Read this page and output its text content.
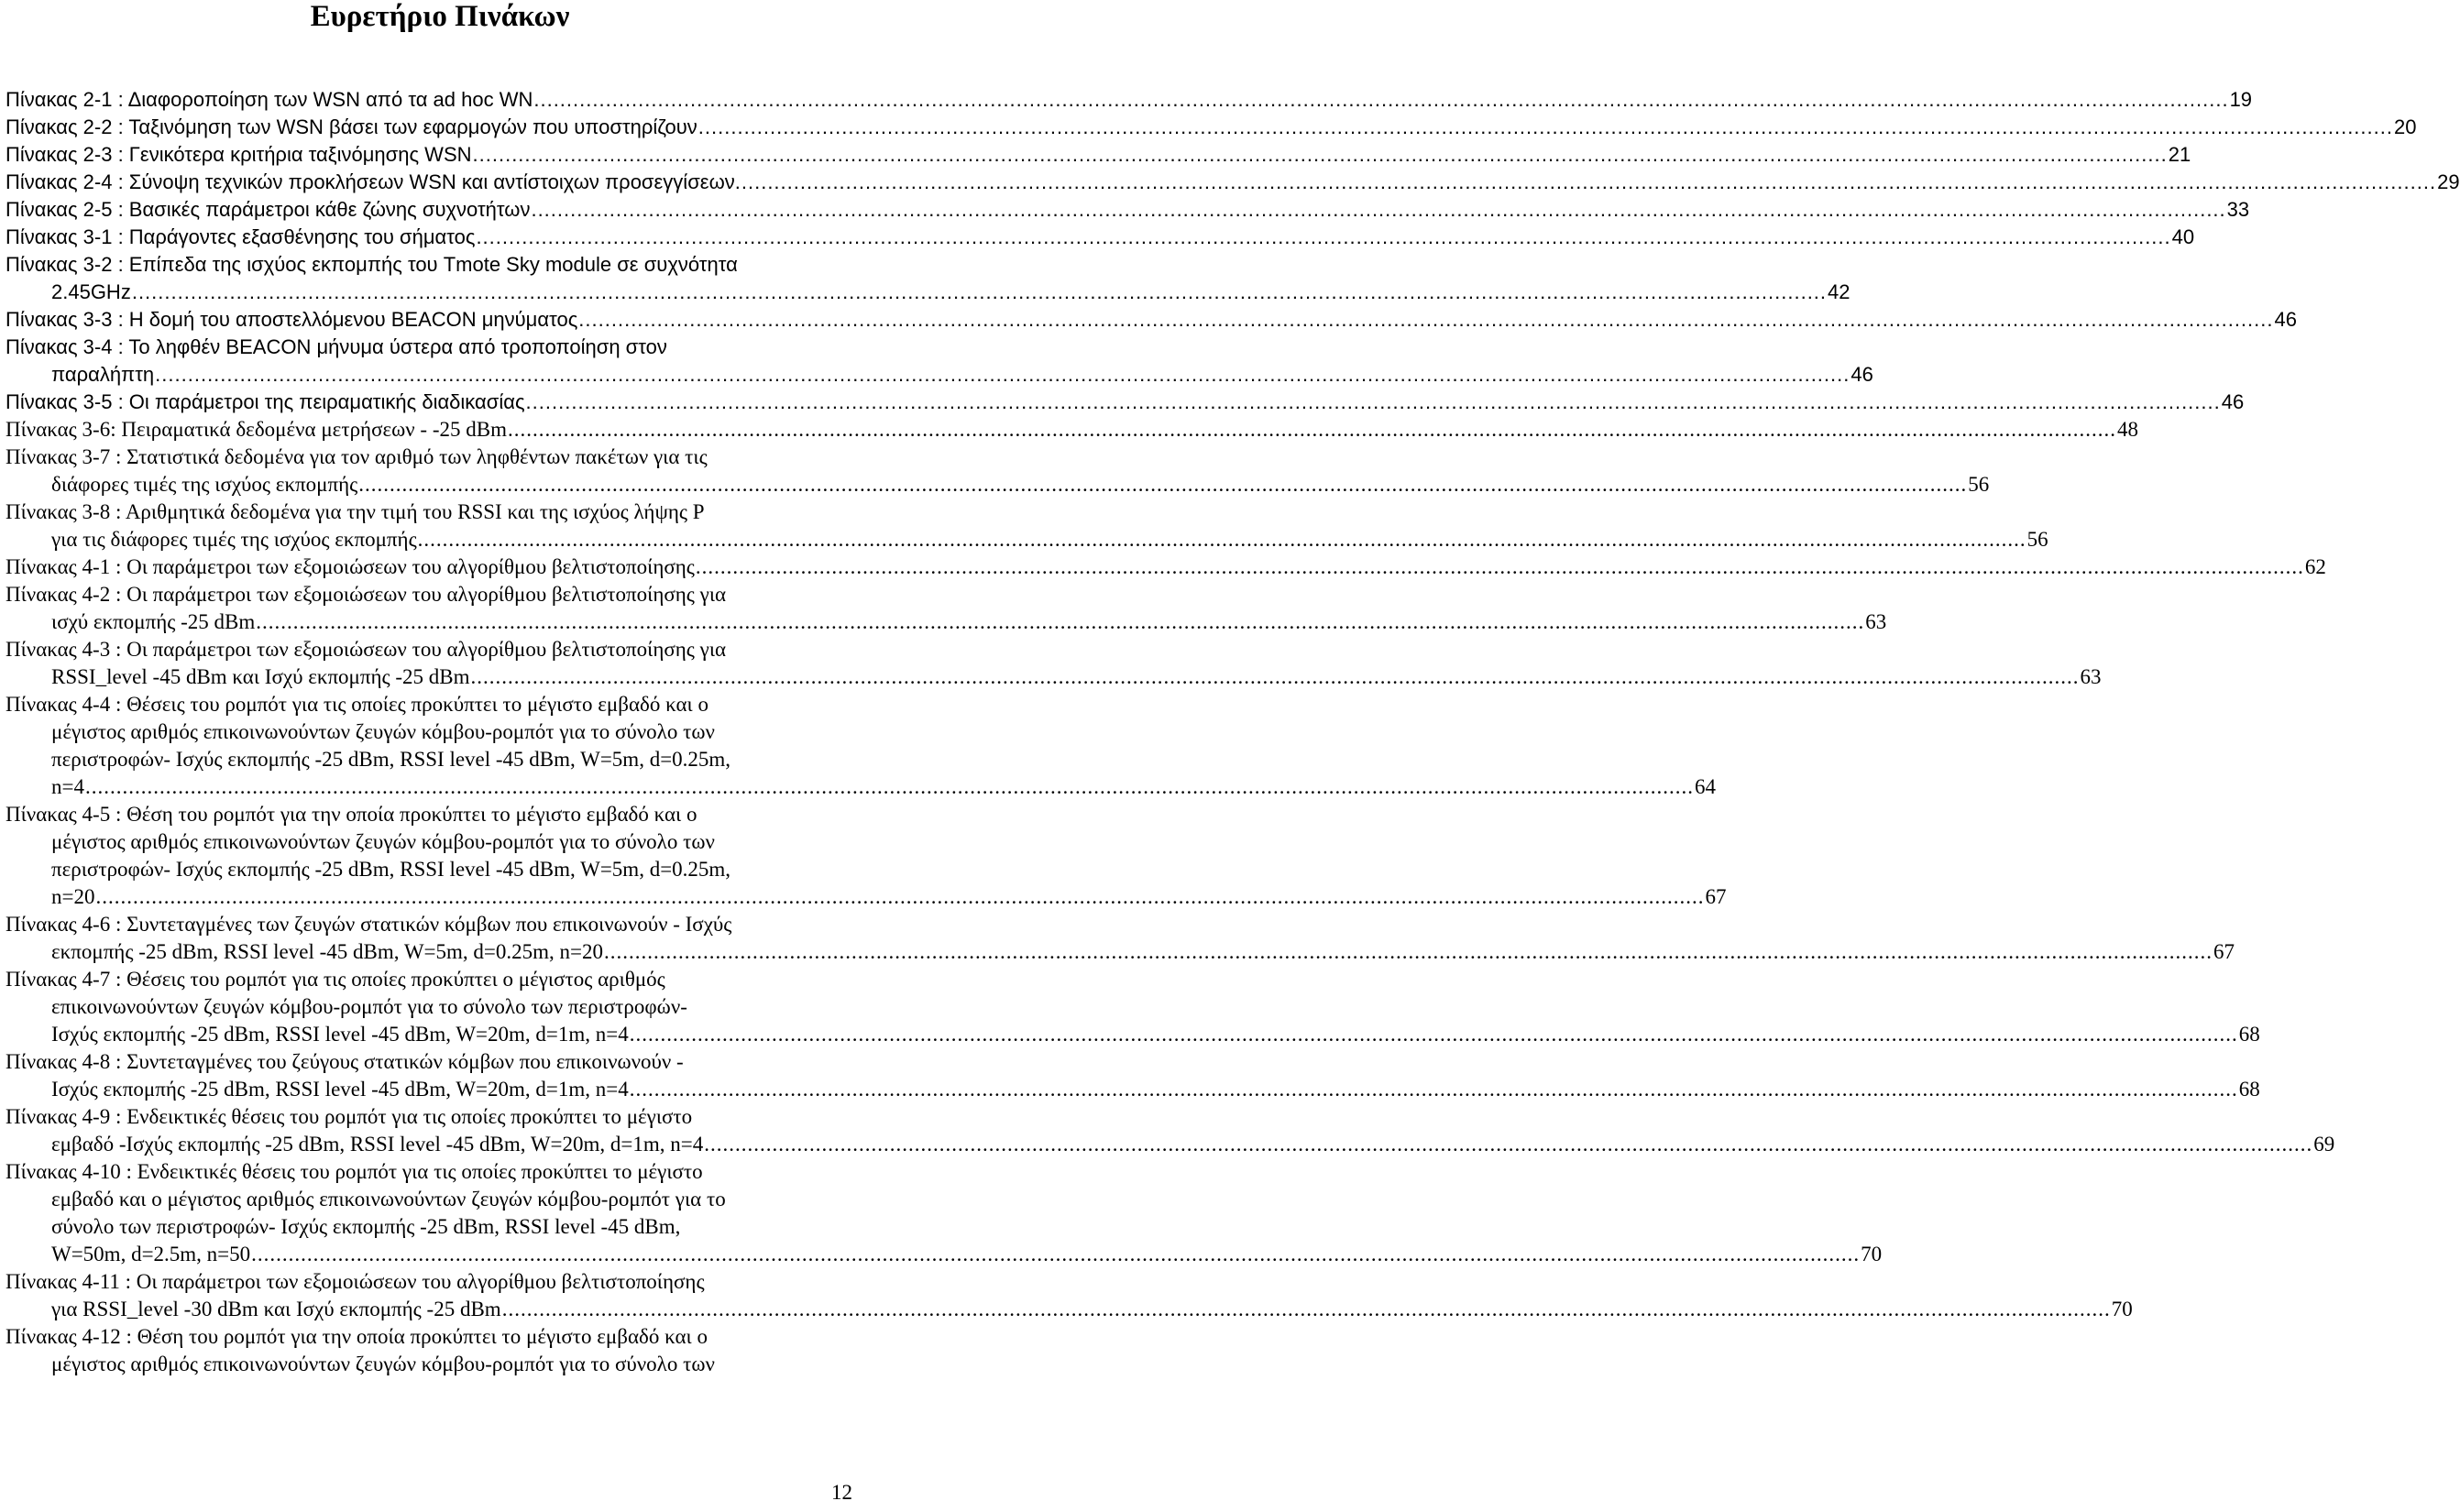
Ευρετήριο Πινάκων
Πίνακας 2-1 : Διαφοροποίηση των WSN από τα ad hoc WN .................................................................................................................................................................................................................................................................... 19
Πίνακας 2-2 : Ταξινόμηση των WSN βάσει των εφαρμογών που υποστηρίζουν .................................................................................................................................................................................................................................................................... 20
Πίνακας 2-3 : Γενικότερα κριτήρια ταξινόμησης WSN .................................................................................................................................................................................................................................................................... 21
Πίνακας 2-4 : Σύνοψη τεχνικών προκλήσεων WSN και αντίστοιχων προσεγγίσεων. .................................................................................................................................................................................................................................................................... 29
Πίνακας 2-5 : Βασικές παράμετροι κάθε ζώνης συχνοτήτων .................................................................................................................................................................................................................................................................... 33
Πίνακας 3-1 : Παράγοντες εξασθένησης του σήματος .................................................................................................................................................................................................................................................................... 40
Πίνακας 3-2 : Επίπεδα της ισχύος εκπομπής του Tmote Sky module σε συχνότητα
2.45GHz .................................................................................................................................................................................................................................................................... 42
Πίνακας 3-3 : Η δομή του αποστελλόμενου BEACON μηνύματος .................................................................................................................................................................................................................................................................... 46
Πίνακας 3-4 : Το ληφθέν BEACON μήνυμα ύστερα από τροποποίηση στον
παραλήπτη .................................................................................................................................................................................................................................................................... 46
Πίνακας 3-5 : Οι παράμετροι της πειραματικής διαδικασίας .................................................................................................................................................................................................................................................................... 46
Πίνακας 3-6: Πειραματικά δεδομένα μετρήσεων - -25 dBm .................................................................................................................................................................................................................................................................... 48
Πίνακας 3-7 : Στατιστικά δεδομένα για τον αριθμό των ληφθέντων πακέτων για τις
διάφορες τιμές της ισχύος εκπομπής .................................................................................................................................................................................................................................................................... 56
Πίνακας 3-8 : Αριθμητικά δεδομένα για την τιμή του RSSI και της ισχύος λήψης P
για τις διάφορες τιμές της ισχύος εκπομπής .................................................................................................................................................................................................................................................................... 56
Πίνακας 4-1 : Οι παράμετροι των εξομοιώσεων του αλγορίθμου βελτιστοποίησης .................................................................................................................................................................................................................................................................... 62
Πίνακας 4-2 : Οι παράμετροι των εξομοιώσεων του αλγορίθμου βελτιστοποίησης για
ισχύ εκπομπής -25 dBm .................................................................................................................................................................................................................................................................... 63
Πίνακας 4-3 : Οι παράμετροι των εξομοιώσεων του αλγορίθμου βελτιστοποίησης για
RSSI_level -45 dBm και Ισχύ εκπομπής -25 dBm .................................................................................................................................................................................................................................................................... 63
Πίνακας 4-4 : Θέσεις του ρομπότ για τις οποίες προκύπτει το μέγιστο εμβαδό και ο
μέγιστος αριθμός επικοινωνούντων ζευγών κόμβου-ρομπότ για το σύνολο των
περιστροφών- Ισχύς εκπομπής -25 dBm, RSSI level -45 dBm, W=5m, d=0.25m,
n=4 .................................................................................................................................................................................................................................................................... 64
Πίνακας 4-5 : Θέση του ρομπότ για την οποία προκύπτει το μέγιστο εμβαδό και ο
μέγιστος αριθμός επικοινωνούντων ζευγών κόμβου-ρομπότ για το σύνολο των
περιστροφών- Ισχύς εκπομπής -25 dBm, RSSI level -45 dBm, W=5m, d=0.25m,
n=20 .................................................................................................................................................................................................................................................................... 67
Πίνακας 4-6 : Συντεταγμένες των ζευγών στατικών κόμβων που επικοινωνούν - Ισχύς
εκπομπής -25 dBm, RSSI level -45 dBm, W=5m, d=0.25m, n=20 .................................................................................................................................................................................................................................................................... 67
Πίνακας 4-7 : Θέσεις του ρομπότ για τις οποίες προκύπτει ο μέγιστος αριθμός
επικοινωνούντων ζευγών κόμβου-ρομπότ για το σύνολο των περιστροφών-
Ισχύς εκπομπής -25 dBm, RSSI level -45 dBm, W=20m, d=1m, n=4 .................................................................................................................................................................................................................................................................... 68
Πίνακας 4-8 : Συντεταγμένες του ζεύγους στατικών κόμβων που επικοινωνούν -
Ισχύς εκπομπής -25 dBm, RSSI level -45 dBm, W=20m, d=1m, n=4 .................................................................................................................................................................................................................................................................... 68
Πίνακας 4-9 : Ενδεικτικές θέσεις του ρομπότ για τις οποίες προκύπτει το μέγιστο
εμβαδό -Ισχύς εκπομπής -25 dBm, RSSI level -45 dBm, W=20m, d=1m, n=4 .................................................................................................................................................................................................................................................................... 69
Πίνακας 4-10 : Ενδεικτικές θέσεις του ρομπότ για τις οποίες προκύπτει το μέγιστο
εμβαδό και ο μέγιστος αριθμός επικοινωνούντων ζευγών κόμβου-ρομπότ για το
σύνολο των περιστροφών- Ισχύς εκπομπής -25 dBm, RSSI level -45 dBm,
W=50m, d=2.5m, n=50 .................................................................................................................................................................................................................................................................... 70
Πίνακας 4-11 : Οι παράμετροι των εξομοιώσεων του αλγορίθμου βελτιστοποίησης
για RSSI_level -30 dBm και Ισχύ εκπομπής -25 dBm .................................................................................................................................................................................................................................................................... 70
Πίνακας 4-12 : Θέση του ρομπότ για την οποία προκύπτει το μέγιστο εμβαδό και ο
μέγιστος αριθμός επικοινωνούντων ζευγών κόμβου-ρομπότ για το σύνολο των
12
